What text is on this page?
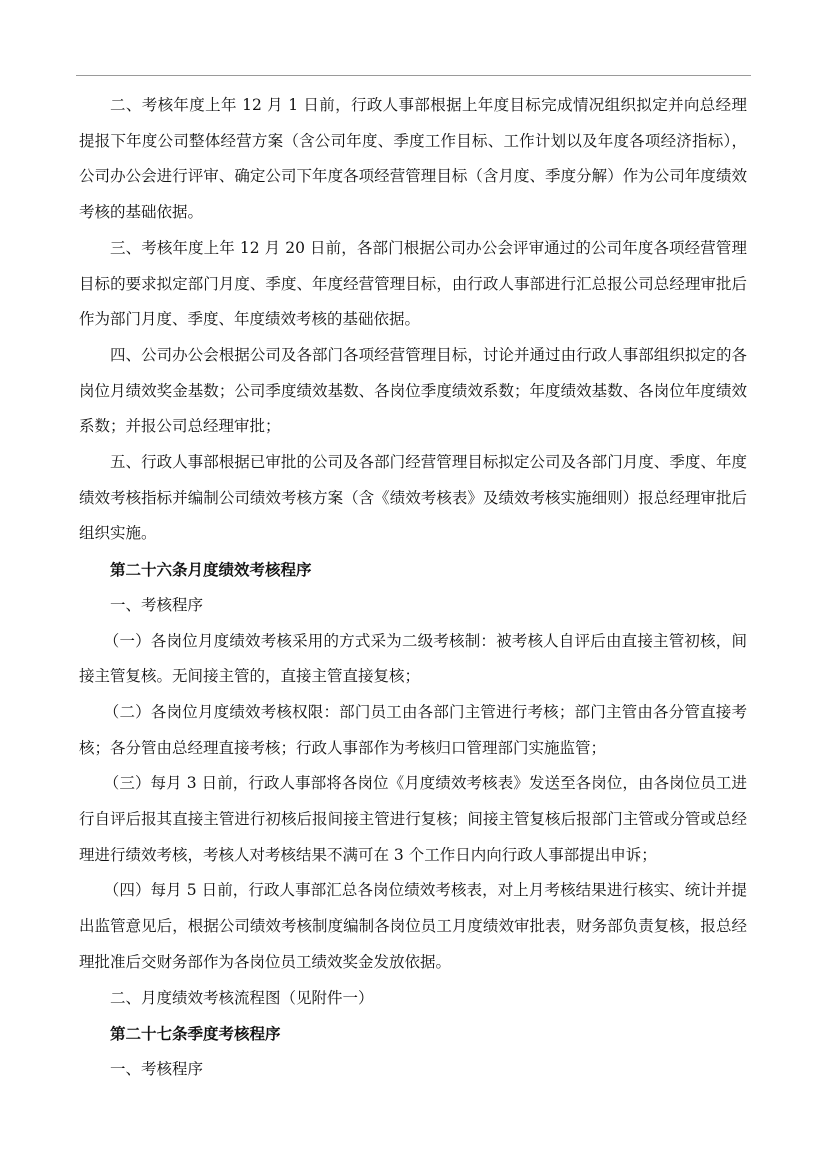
二、考核年度上年 12 月 1 日前，行政人事部根据上年度目标完成情况组织拟定并向总经理提报下年度公司整体经营方案（含公司年度、季度工作目标、工作计划以及年度各项经济指标），公司办公会进行评审、确定公司下年度各项经营管理目标（含月度、季度分解）作为公司年度绩效考核的基础依据。

三、考核年度上年 12 月 20 日前，各部门根据公司办公会评审通过的公司年度各项经营管理目标的要求拟定部门月度、季度、年度经营管理目标，由行政人事部进行汇总报公司总经理审批后作为部门月度、季度、年度绩效考核的基础依据。

四、公司办公会根据公司及各部门各项经营管理目标，讨论并通过由行政人事部组织拟定的各岗位月绩效奖金基数；公司季度绩效基数、各岗位季度绩效系数；年度绩效基数、各岗位年度绩效系数；并报公司总经理审批；

五、行政人事部根据已审批的公司及各部门经营管理目标拟定公司及各部门月度、季度、年度绩效考核指标并编制公司绩效考核方案（含《绩效考核表》及绩效考核实施细则）报总经理审批后组织实施。

第二十六条月度绩效考核程序

一、考核程序

（一）各岗位月度绩效考核采用的方式采为二级考核制：被考核人自评后由直接主管初核，间接主管复核。无间接主管的，直接主管直接复核；

（二）各岗位月度绩效考核权限：部门员工由各部门主管进行考核；部门主管由各分管直接考核；各分管由总经理直接考核；行政人事部作为考核归口管理部门实施监管；

（三）每月 3 日前，行政人事部将各岗位《月度绩效考核表》发送至各岗位，由各岗位员工进行自评后报其直接主管进行初核后报间接主管进行复核；间接主管复核后报部门主管或分管或总经理进行绩效考核，考核人对考核结果不满可在 3 个工作日内向行政人事部提出申诉；

（四）每月 5 日前，行政人事部汇总各岗位绩效考核表，对上月考核结果进行核实、统计并提出监管意见后，根据公司绩效考核制度编制各岗位员工月度绩效审批表，财务部负责复核，报总经理批准后交财务部作为各岗位员工绩效奖金发放依据。

二、月度绩效考核流程图（见附件一）

第二十七条季度考核程序

一、考核程序
